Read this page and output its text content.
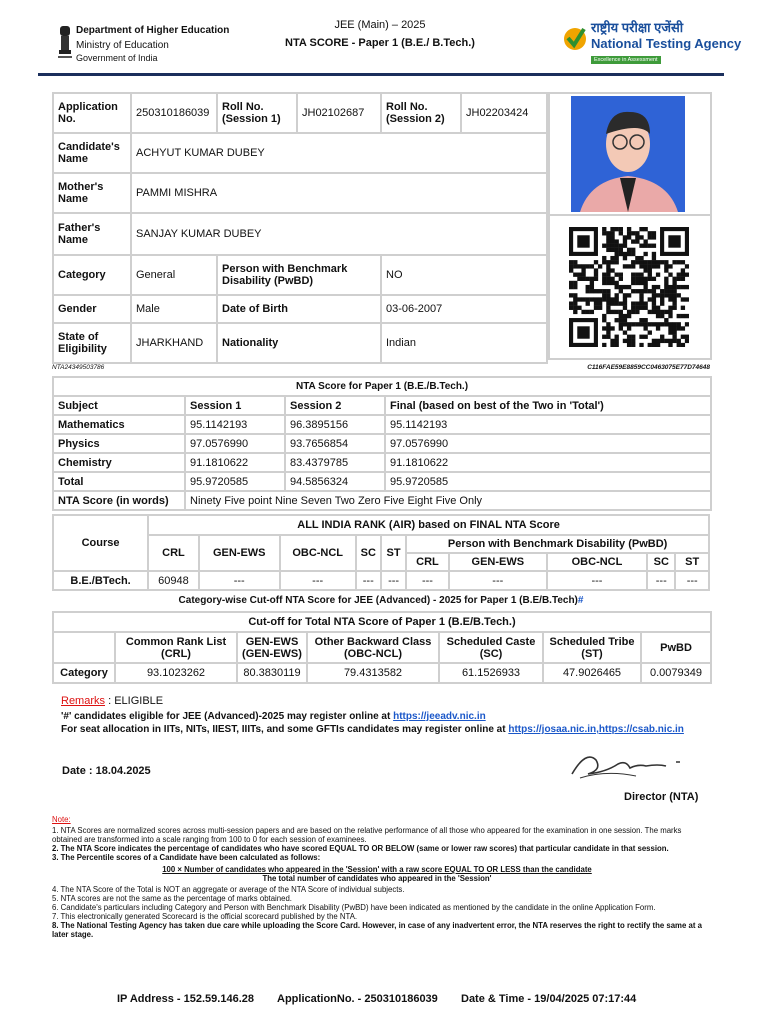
Department of Higher Education
Ministry of Education
Government of India
JEE (Main) – 2025
NTA SCORE - Paper 1 (B.E./ B.Tech.)
राष्ट्रीय परीक्षा एजेंसी
National Testing Agency
Excellence in Assessment
Application No.	250310186039	Roll No. (Session 1)	JH02102687	Roll No. (Session 2)	JH02203424
Candidate's Name	ACHYUT KUMAR DUBEY				
Mother's Name	PAMMI MISHRA				
Father's Name	SANJAY KUMAR DUBEY				
Category	General	Person with Benchmark Disability (PwBD)		NO	
Gender	Male	Date of Birth		03-06-2007	
State of Eligibility	JHARKHAND	Nationality		Indian	
NTA24349503786	C116FAE59E8859CC0463075E77D74648
NTA Score for Paper 1 (B.E./B.Tech.)			
Subject	Session 1	Session 2	Final (based on best of the Two in 'Total')
Mathematics	95.1142193	96.3895156	95.1142193
Physics	97.0576990	93.7656854	97.0576990
Chemistry	91.1810622	83.4379785	91.1810622
Total	95.9720585	94.5856324	95.9720585
NTA Score (in words)	Ninety Five point Nine Seven Two Zero Five Eight Five Only		
Course	ALL INDIA RANK (AIR) based on FINAL NTA Score									
	CRL	GEN-EWS	OBC-NCL	SC	ST	Person with Benchmark Disability (PwBD)				
						CRL	GEN-EWS	OBC-NCL	SC	ST
B.E./BTech.	60948	---	---	---	---	---	---	---	---	---
Category-wise Cut-off NTA Score for JEE (Advanced) - 2025 for Paper 1 (B.E/B.Tech)#
Cut-off for Total NTA Score of Paper 1 (B.E/B.Tech.)						
	Common Rank List (CRL)	GEN-EWS (GEN-EWS)	Other Backward Class (OBC-NCL)	Scheduled Caste (SC)	Scheduled Tribe (ST)	PwBD
Category	93.1023262	80.3830119	79.4313582	61.1526933	47.9026465	0.0079349
Remarks : ELIGIBLE
'#' candidates eligible for JEE (Advanced)-2025 may register online at https://jeeadv.nic.in
For seat allocation in IITs, NITs, IIEST, IIITs, and some GFTIs candidates may register online at https://josaa.nic.in,https://csab.nic.in
Date : 18.04.2025
Director (NTA)
Note:
1. NTA Scores are normalized scores across multi-session papers and are based on the relative performance of all those who appeared for the examination in one session. The marks obtained are transformed into a scale ranging from 100 to 0 for each session of examinees.
2. The NTA Score indicates the percentage of candidates who have scored EQUAL TO OR BELOW (same or lower raw scores) that particular candidate in that session.
3. The Percentile scores of a Candidate have been calculated as follows:
100 × Number of candidates who appeared in the 'Session' with a raw score EQUAL TO OR LESS than the candidate
The total number of candidates who appeared in the 'Session'
4. The NTA Score of the Total is NOT an aggregate or average of the NTA Score of individual subjects.
5. NTA scores are not the same as the percentage of marks obtained.
6. Candidate's particulars including Category and Person with Benchmark Disability (PwBD) have been indicated as mentioned by the candidate in the online Application Form.
7. This electronically generated Scorecard is the official scorecard published by the NTA.
8. The National Testing Agency has taken due care while uploading the Score Card. However, in case of any inadvertent error, the NTA reserves the right to rectify the same at a later stage.
IP Address - 152.59.146.28 ApplicationNo. - 250310186039 Date & Time - 19/04/2025 07:17:44
